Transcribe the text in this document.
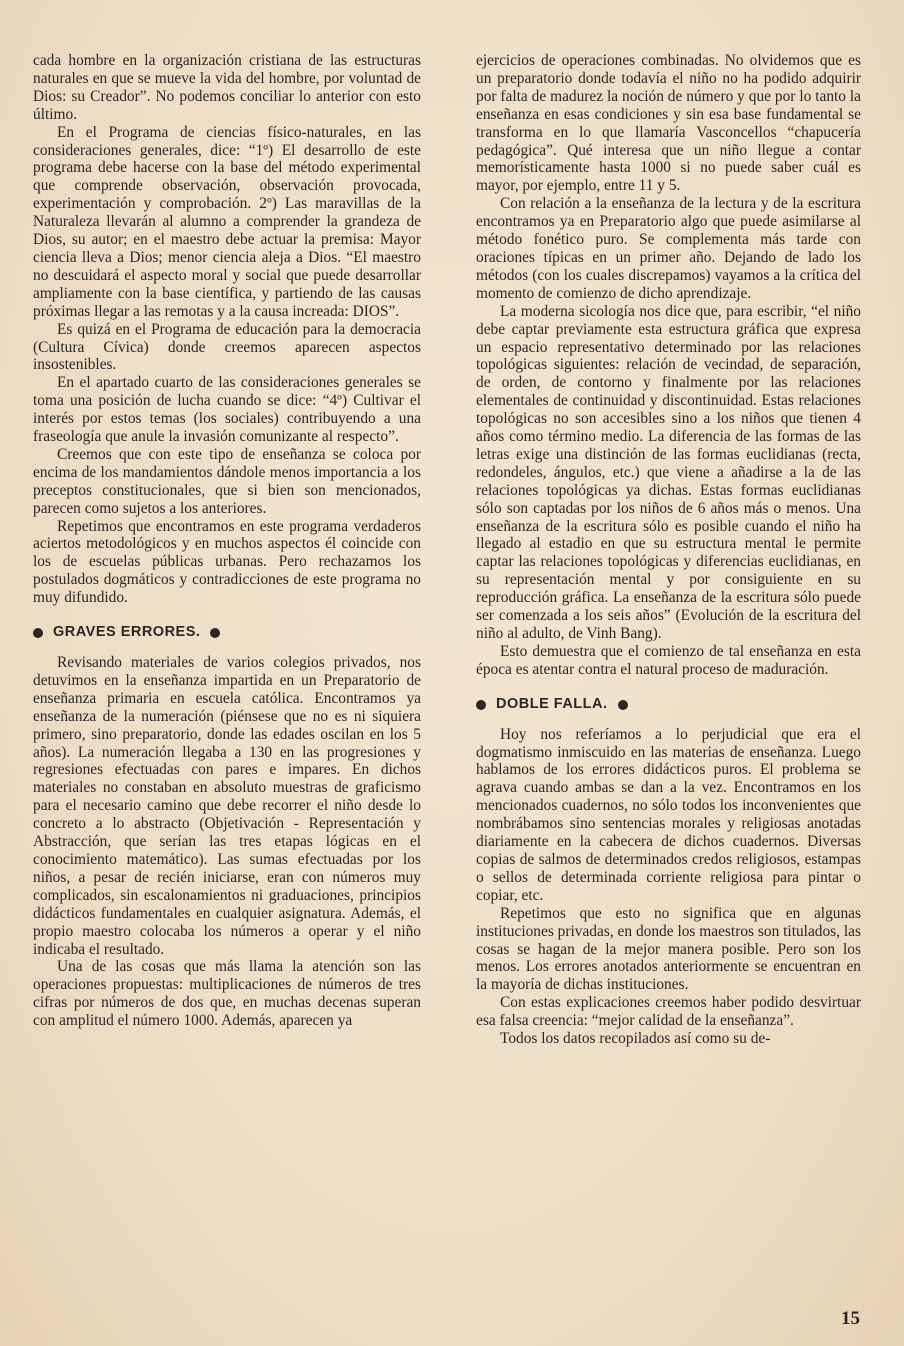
cada hombre en la organización cristiana de las estructuras naturales en que se mueve la vida del hombre, por voluntad de Dios: su Creador”. No podemos conciliar lo anterior con esto último.

En el Programa de ciencias físico-naturales, en las consideraciones generales, dice: “1º) El desarrollo de este programa debe hacerse con la base del método experimental que comprende observación, observación provocada, experimentación y comprobación. 2º) Las maravillas de la Naturaleza llevarán al alumno a comprender la grandeza de Dios, su autor; en el maestro debe actuar la premisa: Mayor ciencia lleva a Dios; menor ciencia aleja a Dios. “El maestro no descuidará el aspecto moral y social que puede desarrollar ampliamente con la base científica, y partiendo de las causas próximas llegar a las remotas y a la causa increada: DIOS”.

Es quizá en el Programa de educación para la democracia (Cultura Cívica) donde creemos aparecen aspectos insostenibles.

En el apartado cuarto de las consideraciones generales se toma una posición de lucha cuando se dice: “4º) Cultivar el interés por estos temas (los sociales) contribuyendo a una fraseología que anule la invasión comunizante al respecto”.

Creemos que con este tipo de enseñanza se coloca por encima de los mandamientos dándole menos importancia a los preceptos constitucionales, que si bien son mencionados, parecen como sujetos a los anteriores.

Repetimos que encontramos en este programa verdaderos aciertos metodológicos y en muchos aspectos él coincide con los de escuelas públicas urbanas. Pero rechazamos los postulados dogmáticos y contradicciones de este programa no muy difundido.

GRAVES ERRORES.

Revisando materiales de varios colegios privados, nos detuvimos en la enseñanza impartida en un Preparatorio de enseñanza primaria en escuela católica. Encontramos ya enseñanza de la numeración (piénsese que no es ni siquiera primero, sino preparatorio, donde las edades oscilan en los 5 años). La numeración llegaba a 130 en las progresiones y regresiones efectuadas con pares e impares. En dichos materiales no constaban en absoluto muestras de graficismo para el necesario camino que debe recorrer el niño desde lo concreto a lo abstracto (Objetivación - Representación y Abstracción, que serían las tres etapas lógicas en el conocimiento matemático). Las sumas efectuadas por los niños, a pesar de recién iniciarse, eran con números muy complicados, sin escalonamientos ni graduaciones, principios didácticos fundamentales en cualquier asignatura. Además, el propio maestro colocaba los números a operar y el niño indicaba el resultado.

Una de las cosas que más llama la atención son las operaciones propuestas: multiplicaciones de números de tres cifras por números de dos que, en muchas decenas superan con amplitud el número 1000. Además, aparecen ya

ejercicios de operaciones combinadas. No olvidemos que es un preparatorio donde todavía el niño no ha podido adquirir por falta de madurez la noción de número y que por lo tanto la enseñanza en esas condiciones y sin esa base fundamental se transforma en lo que llamaría Vasconcellos “chapucería pedagógica”. Qué interesa que un niño llegue a contar memorísticamente hasta 1000 si no puede saber cuál es mayor, por ejemplo, entre 11 y 5.

Con relación a la enseñanza de la lectura y de la escritura encontramos ya en Preparatorio algo que puede asimilarse al método fonético puro. Se complementa más tarde con oraciones típicas en un primer año. Dejando de lado los métodos (con los cuales discrepamos) vayamos a la crítica del momento de comienzo de dicho aprendizaje.

La moderna sicología nos dice que, para escribir, “el niño debe captar previamente esta estructura gráfica que expresa un espacio representativo determinado por las relaciones topológicas siguientes: relación de vecindad, de separación, de orden, de contorno y finalmente por las relaciones elementales de continuidad y discontinuidad. Estas relaciones topológicas no son accesibles sino a los niños que tienen 4 años como término medio. La diferencia de las formas de las letras exige una distinción de las formas euclidianas (recta, redondeles, ángulos, etc.) que viene a añadirse a la de las relaciones topológicas ya dichas. Estas formas euclidianas sólo son captadas por los niños de 6 años más o menos. Una enseñanza de la escritura sólo es posible cuando el niño ha llegado al estadio en que su estructura mental le permite captar las relaciones topológicas y diferencias euclidianas, en su representación mental y por consiguiente en su reproducción gráfica. La enseñanza de la escritura sólo puede ser comenzada a los seis años” (Evolución de la escritura del niño al adulto, de Vinh Bang).

Esto demuestra que el comienzo de tal enseñanza en esta época es atentar contra el natural proceso de maduración.

DOBLE FALLA.

Hoy nos referíamos a lo perjudicial que era el dogmatismo inmiscuido en las materias de enseñanza. Luego hablamos de los errores didácticos puros. El problema se agrava cuando ambas se dan a la vez. Encontramos en los mencionados cuadernos, no sólo todos los inconvenientes que nombrábamos sino sentencias morales y religiosas anotadas diariamente en la cabecera de dichos cuadernos. Diversas copias de salmos de determinados credos religiosos, estampas o sellos de determinada corriente religiosa para pintar o copiar, etc.

Repetimos que esto no significa que en algunas instituciones privadas, en donde los maestros son titulados, las cosas se hagan de la mejor manera posible. Pero son los menos. Los errores anotados anteriormente se encuentran en la mayoría de dichas instituciones.

Con estas explicaciones creemos haber podido desvirtuar esa falsa creencia: “mejor calidad de la enseñanza”.

Todos los datos recopilados así como su de-

15
